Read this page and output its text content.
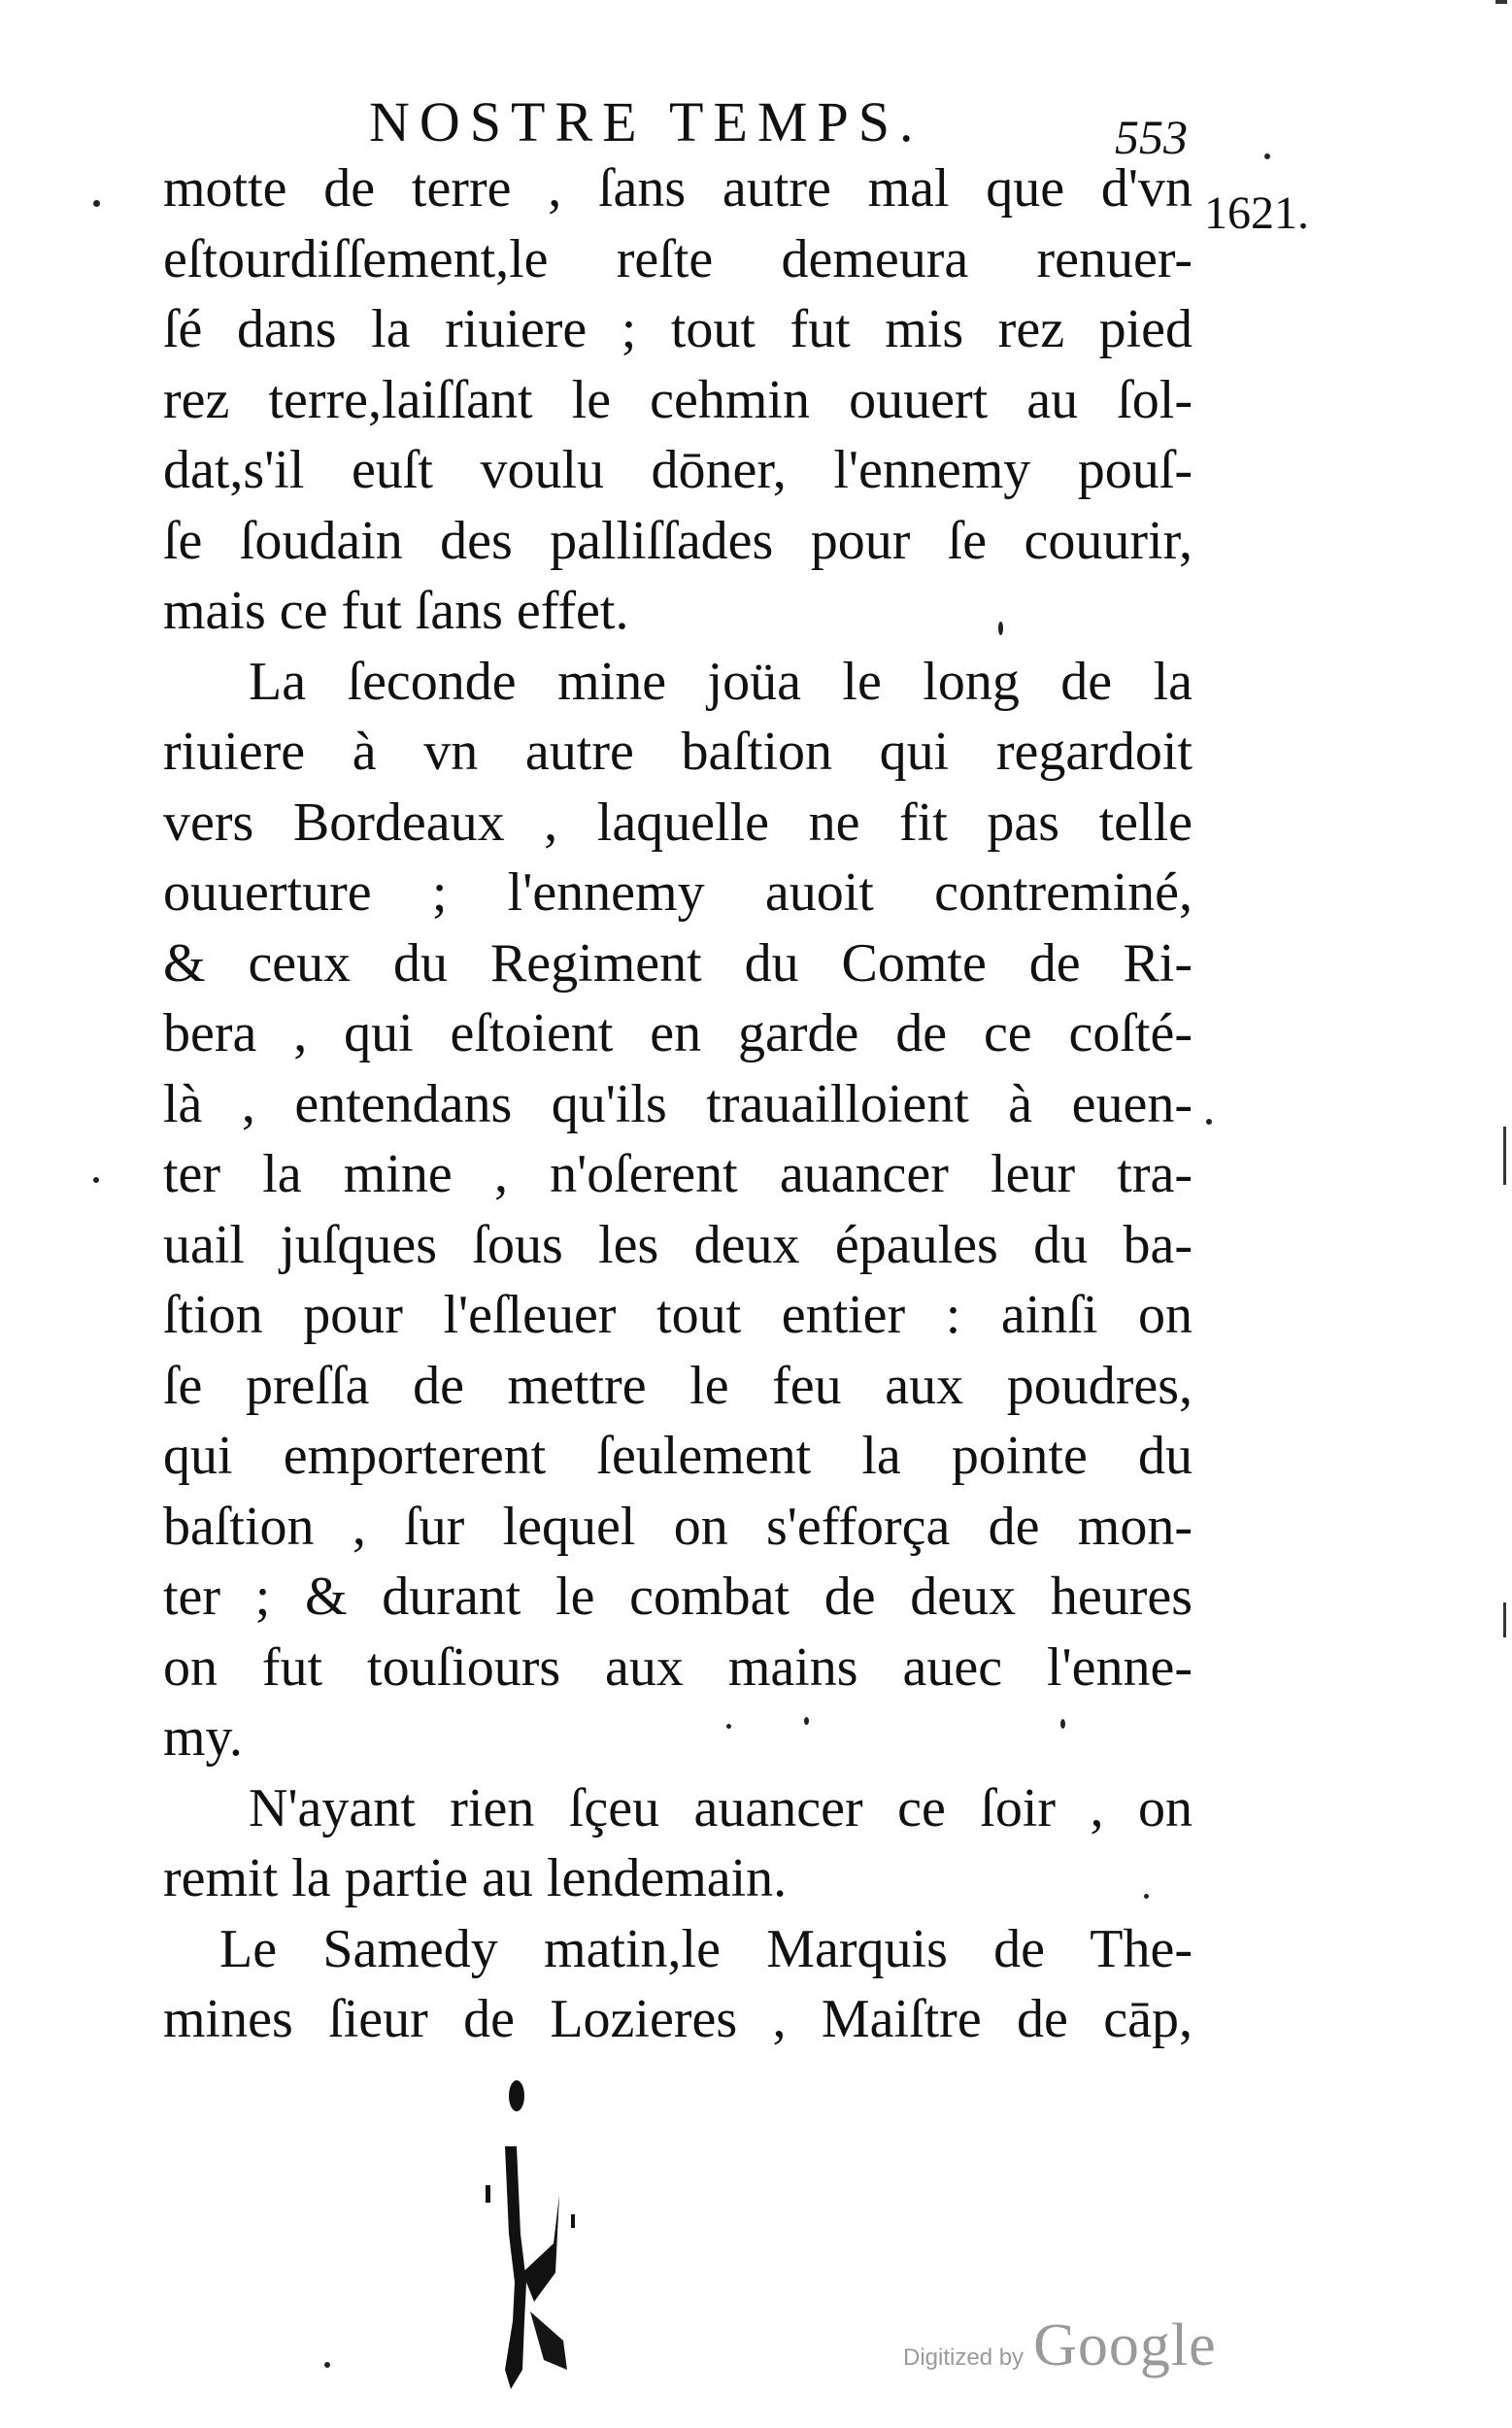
NOSTRE TEMPS.	553
1621.
motte de terre , ſans autre mal que d'vn
eſtourdiſſement,le reſte demeura renuer-
ſé dans la riuiere ; tout fut mis rez pied
rez terre,laiſſant le cehmin ouuert au ſol-
dat,s'il euſt voulu dōner, l'ennemy pouſ-
ſe ſoudain des palliſſades pour ſe couurir,
mais ce fut ſans effet.
La ſeconde mine joüa le long de la
riuiere à vn autre baſtion qui regardoit
vers Bordeaux , laquelle ne fit pas telle
ouuerture ; l'ennemy auoit contreminé,
& ceux du Regiment du Comte de Ri-
bera , qui eſtoient en garde de ce coſté-
là , entendans qu'ils trauailloient à euen-
ter la mine , n'oſerent auancer leur tra-
uail juſques ſous les deux épaules du ba-
ſtion pour l'eſleuer tout entier : ainſi on
ſe preſſa de mettre le feu aux poudres,
qui emporterent ſeulement la pointe du
baſtion , ſur lequel on s'efforça de mon-
ter ; & durant le combat de deux heures
on fut touſiours aux mains auec l'enne-
my.
N'ayant rien ſçeu auancer ce ſoir , on
remit la partie au lendemain.
Le Samedy matin,le Marquis de The-
mines ſieur de Lozieres , Maiſtre de cāp,
Digitized by Google
